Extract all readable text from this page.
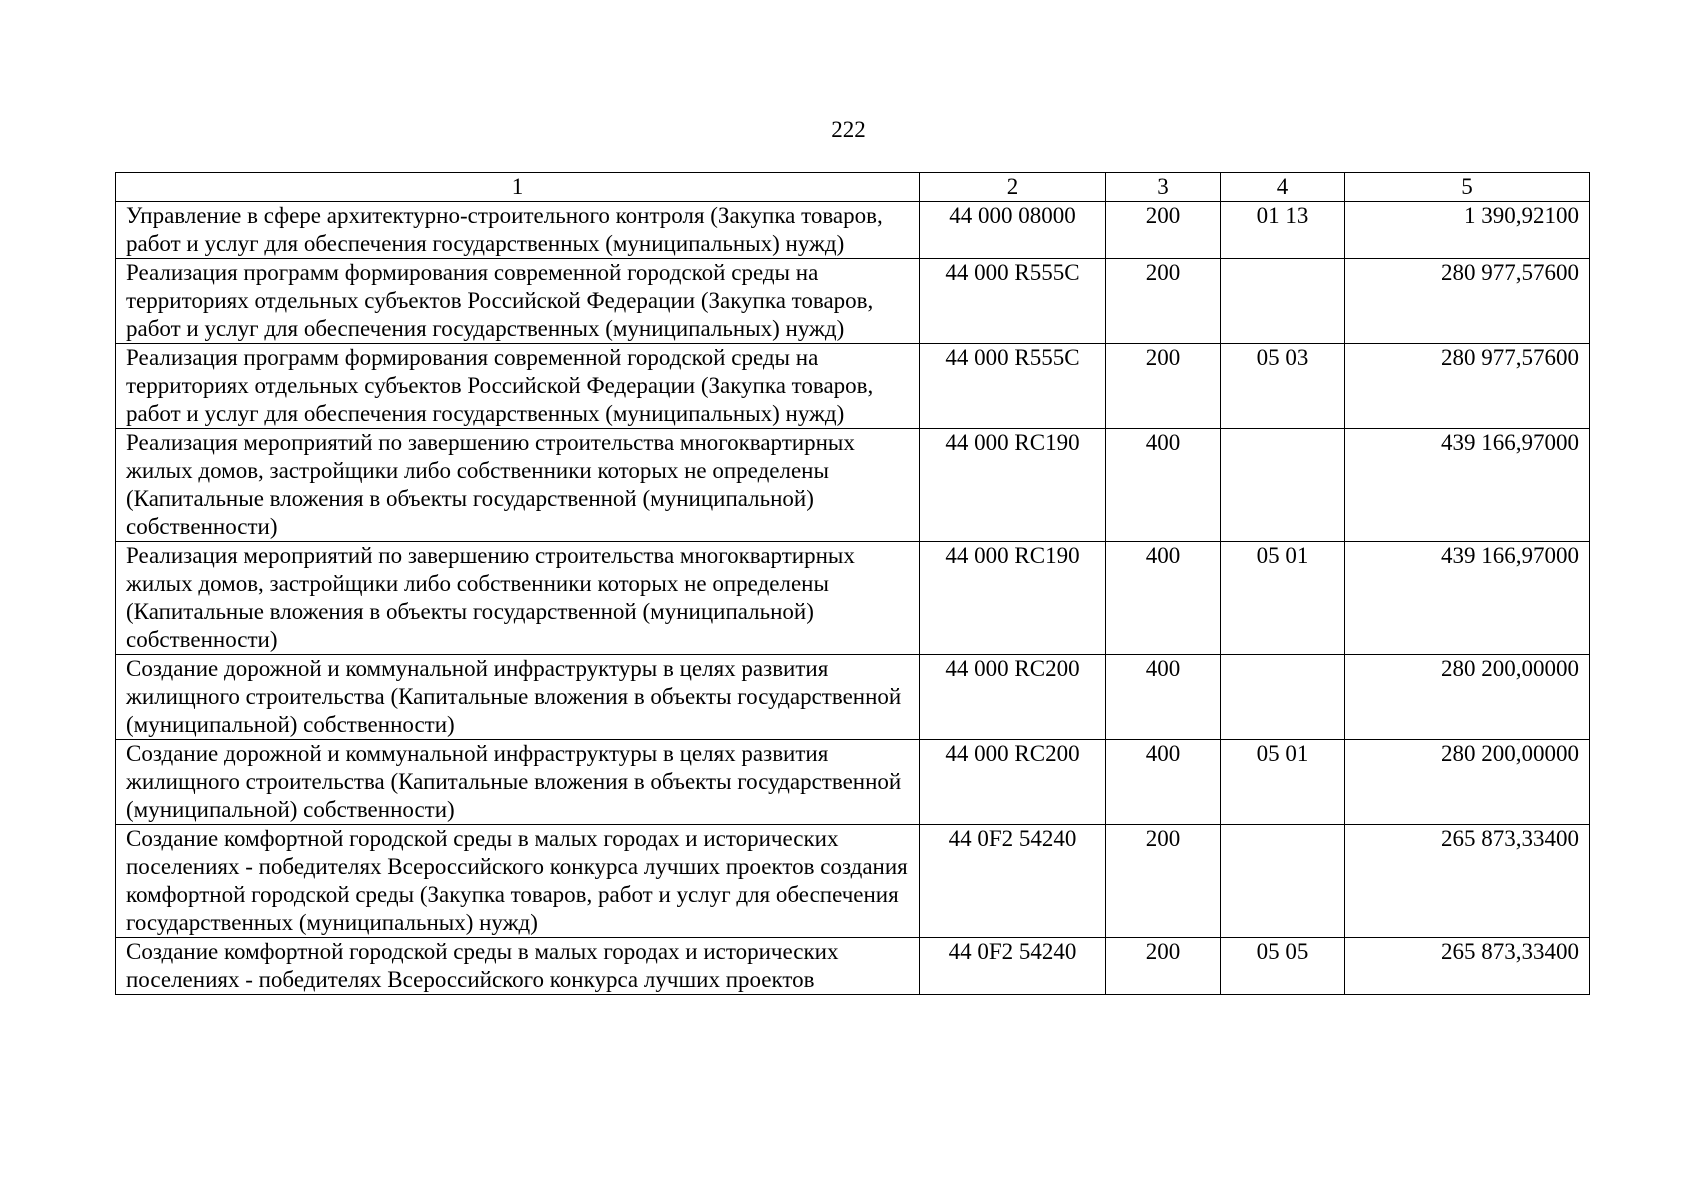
222
1	2	3	4	5
Управление в сфере архитектурно-строительного контроля (Закупка товаров, работ и услуг для обеспечения государственных (муниципальных) нужд)	44 000 08000	200	01 13	1 390,92100
Реализация программ формирования современной городской среды на территориях отдельных субъектов Российской Федерации (Закупка товаров, работ и услуг для обеспечения государственных (муниципальных) нужд)	44 000 R555C	200		280 977,57600
Реализация программ формирования современной городской среды на территориях отдельных субъектов Российской Федерации (Закупка товаров, работ и услуг для обеспечения государственных (муниципальных) нужд)	44 000 R555C	200	05 03	280 977,57600
Реализация мероприятий по завершению строительства многоквартирных жилых домов, застройщики либо собственники которых не определены (Капитальные вложения в объекты государственной (муниципальной) собственности)	44 000 RC190	400		439 166,97000
Реализация мероприятий по завершению строительства многоквартирных жилых домов, застройщики либо собственники которых не определены (Капитальные вложения в объекты государственной (муниципальной) собственности)	44 000 RC190	400	05 01	439 166,97000
Создание дорожной и коммунальной инфраструктуры в целях развития жилищного строительства (Капитальные вложения в объекты государственной (муниципальной) собственности)	44 000 RC200	400		280 200,00000
Создание дорожной и коммунальной инфраструктуры в целях развития жилищного строительства (Капитальные вложения в объекты государственной (муниципальной) собственности)	44 000 RC200	400	05 01	280 200,00000
Создание комфортной городской среды в малых городах и исторических поселениях - победителях Всероссийского конкурса лучших проектов создания комфортной городской среды (Закупка товаров, работ и услуг для обеспечения государственных (муниципальных) нужд)	44 0F2 54240	200		265 873,33400
Создание комфортной городской среды в малых городах и исторических поселениях - победителях Всероссийского конкурса лучших проектов	44 0F2 54240	200	05 05	265 873,33400
